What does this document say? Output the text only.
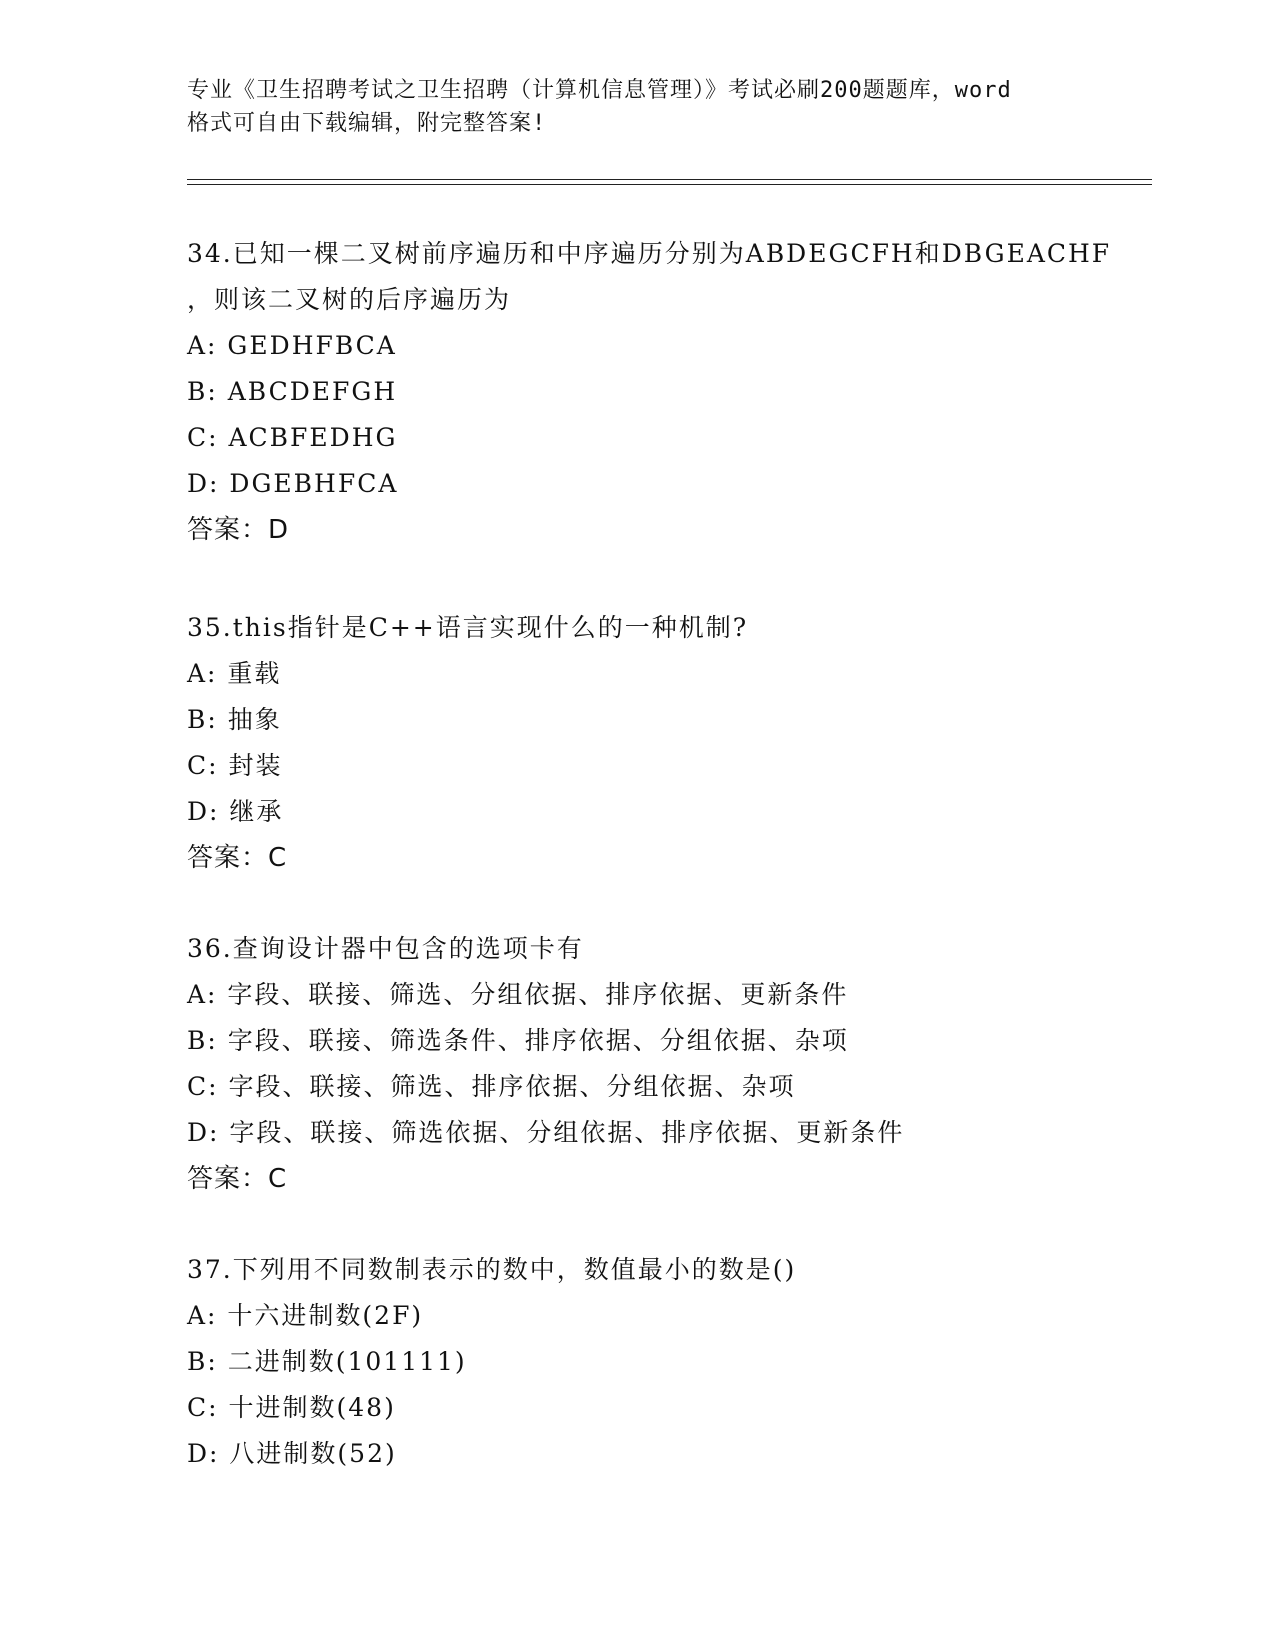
专业《卫生招聘考试之卫生招聘（计算机信息管理）》考试必刷200题题库，word
格式可自由下载编辑，附完整答案!
34.已知一棵二叉树前序遍历和中序遍历分别为ABDEGCFH和DBGEACHF
，则该二叉树的后序遍历为
A: GEDHFBCA
B: ABCDEFGH
C: ACBFEDHG
D: DGEBHFCA
答案：D
35.this指针是C++语言实现什么的一种机制?
A: 重载
B: 抽象
C: 封装
D: 继承
答案：C
36.查询设计器中包含的选项卡有
A: 字段、联接、筛选、分组依据、排序依据、更新条件
B: 字段、联接、筛选条件、排序依据、分组依据、杂项
C: 字段、联接、筛选、排序依据、分组依据、杂项
D: 字段、联接、筛选依据、分组依据、排序依据、更新条件
答案：C
37.下列用不同数制表示的数中，数值最小的数是()
A: 十六进制数(2F)
B: 二进制数(101111)
C: 十进制数(48)
D: 八进制数(52)
